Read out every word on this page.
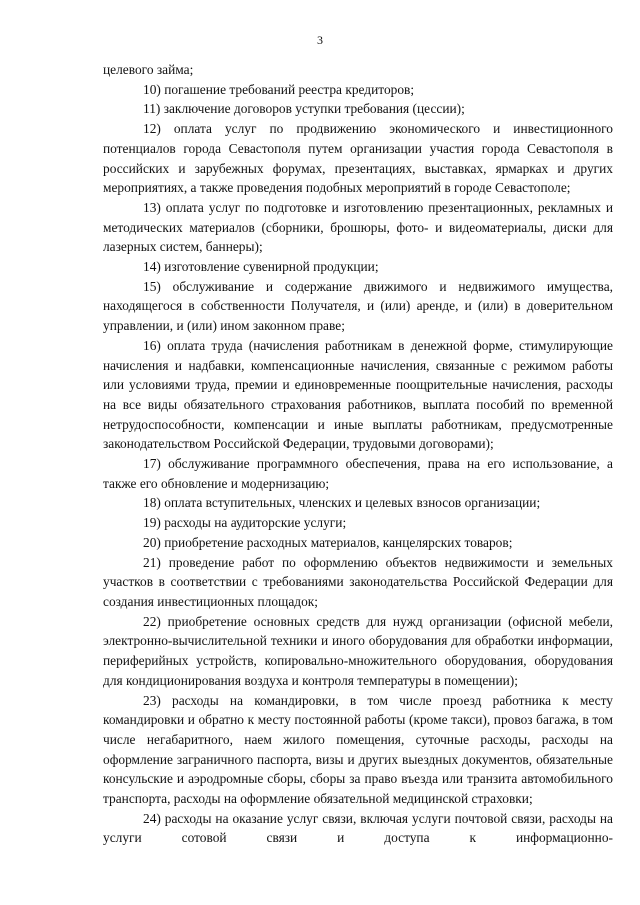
3

целевого займа;

10) погашение требований реестра кредиторов;

11) заключение договоров уступки требования (цессии);

12) оплата услуг по продвижению экономического и инвестиционного потенциалов города Севастополя путем организации участия города Севастополя в российских и зарубежных форумах, презентациях, выставках, ярмарках и других мероприятиях, а также проведения подобных мероприятий в городе Севастополе;

13) оплата услуг по подготовке и изготовлению презентационных, рекламных и методических материалов (сборники, брошюры, фото- и видеоматериалы, диски для лазерных систем, баннеры);

14) изготовление сувенирной продукции;

15) обслуживание и содержание движимого и недвижимого имущества, находящегося в собственности Получателя, и (или) аренде, и (или) в доверительном управлении, и (или) ином законном праве;

16) оплата труда (начисления работникам в денежной форме, стимулирующие начисления и надбавки, компенсационные начисления, связанные с режимом работы или условиями труда, премии и единовременные поощрительные начисления, расходы на все виды обязательного страхования работников, выплата пособий по временной нетрудоспособности, компенсации и иные выплаты работникам, предусмотренные законодательством Российской Федерации, трудовыми договорами);

17) обслуживание программного обеспечения, права на его использование, а также его обновление и модернизацию;

18) оплата вступительных, членских и целевых взносов организации;

19) расходы на аудиторские услуги;

20) приобретение расходных материалов, канцелярских товаров;

21) проведение работ по оформлению объектов недвижимости и земельных участков в соответствии с требованиями законодательства Российской Федерации для создания инвестиционных площадок;

22) приобретение основных средств для нужд организации (офисной мебели, электронно-вычислительной техники и иного оборудования для обработки информации, периферийных устройств, копировально-множительного оборудования, оборудования для кондиционирования воздуха и контроля температуры в помещении);

23) расходы на командировки, в том числе проезд работника к месту командировки и обратно к месту постоянной работы (кроме такси), провоз багажа, в том числе негабаритного, наем жилого помещения, суточные расходы, расходы на оформление заграничного паспорта, визы и других выездных документов, обязательные консульские и аэродромные сборы, сборы за право въезда или транзита автомобильного транспорта, расходы на оформление обязательной медицинской страховки;

24) расходы на оказание услуг связи, включая услуги почтовой связи, расходы на услуги сотовой связи и доступа к информационно-
